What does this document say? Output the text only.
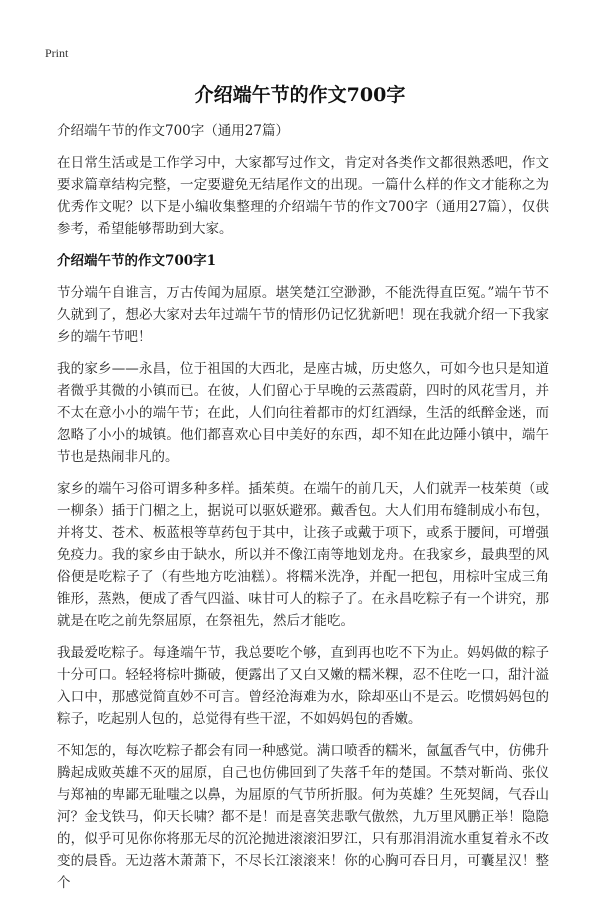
Print
介绍端午节的作文700字

介绍端午节的作文700字（通用27篇）

在日常生活或是工作学习中，大家都写过作文，肯定对各类作文都很熟悉吧，作文要求篇章结构完整，一定要避免无结尾作文的出现。一篇什么样的作文才能称之为优秀作文呢？以下是小编收集整理的介绍端午节的作文700字（通用27篇），仅供参考，希望能够帮助到大家。

介绍端午节的作文700字1

节分端午自谁言，万古传闻为屈原。堪笑楚江空渺渺，不能洗得直臣冤。”端午节不久就到了，想必大家对去年过端午节的情形仍记忆犹新吧！现在我就介绍一下我家乡的端午节吧！

我的家乡——永昌，位于祖国的大西北，是座古城，历史悠久，可如今也只是知道者微乎其微的小镇而已。在彼，人们留心于早晚的云蒸霞蔚，四时的风花雪月，并不太在意小小的端午节；在此，人们向往着都市的灯红酒绿，生活的纸醉金迷，而忽略了小小的城镇。他们都喜欢心目中美好的东西，却不知在此边陲小镇中，端午节也是热闹非凡的。

家乡的端午习俗可谓多种多样。插茱萸。在端午的前几天，人们就弄一枝茱萸（或一柳条）插于门楣之上，据说可以驱妖避邪。戴香包。大人们用布缝制成小布包，并将艾、苍术、板蓝根等草药包于其中，让孩子或戴于项下，或系于腰间，可增强免疫力。我的家乡由于缺水，所以并不像江南等地划龙舟。在我家乡，最典型的风俗便是吃粽子了（有些地方吃油糕）。将糯米洗净，并配一把包，用棕叶宝成三角锥形，蒸熟，便成了香气四溢、味甘可人的粽子了。在永昌吃粽子有一个讲究，那就是在吃之前先祭屈原，在祭祖先，然后才能吃。

我最爱吃粽子。每逢端午节，我总要吃个够，直到再也吃不下为止。妈妈做的粽子十分可口。轻轻将棕叶撕破，便露出了又白又嫩的糯米粿，忍不住吃一口，甜汁溢入口中，那感觉简直妙不可言。曾经沧海难为水，除却巫山不是云。吃惯妈妈包的粽子，吃起别人包的，总觉得有些干涩，不如妈妈包的香嫩。

不知怎的，每次吃粽子都会有同一种感觉。满口喷香的糯米，氤氲香气中，仿佛升腾起成败英雄不灭的屈原，自己也仿佛回到了失落千年的楚国。不禁对靳尚、张仪与郑袖的卑鄙无耻嗤之以鼻，为屈原的气节所折服。何为英雄？生死契阔，气吞山河？金戈铁马，仰天长啸？都不是！而是喜笑悲歌气傲然，九万里风鹏正举！隐隐的，似乎可见你你将那无尽的沉沦抛进滚滚汨罗江，只有那涓涓流水重复着永不改变的晨昏。无边落木萧萧下，不尽长江滚滚来！你的心胸可吞日月，可囊星汉！整个
